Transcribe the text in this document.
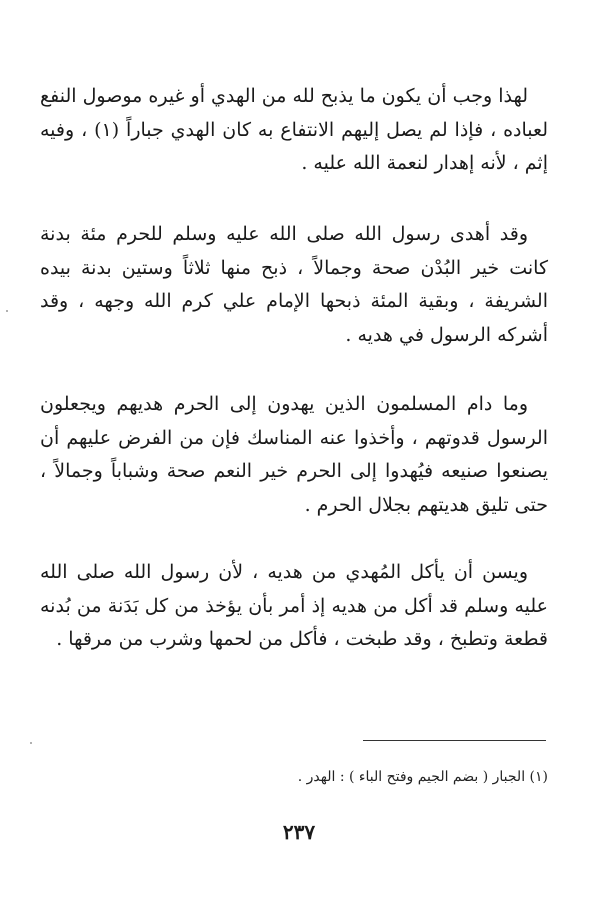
لهذا وجب أن يكون ما يذبح لله من الهدي أو غيره موصول النفع لعباده ، فإذا لم يصل إليهم الانتفاع به كان الهدي جباراً (١) ، وفيه إثم ، لأنه إهدار لنعمة الله عليه .

وقد أهدى رسول الله صلى الله عليه وسلم للحرم مئة بدنة كانت خير البُدْن صحة وجمالاً ، ذبح منها ثلاثاً وستين بدنة بيده الشريفة ، وبقية المئة ذبحها الإمام علي كرم الله وجهه ، وقد أشركه الرسول في هديه .

وما دام المسلمون الذين يهدون إلى الحرم هديهم ويجعلون الرسول قدوتهم ، وأخذوا عنه المناسك فإن من الفرض عليهم أن يصنعوا صنيعه فيُهدوا إلى الحرم خير النعم صحة وشباباً وجمالاً ، حتى تليق هديتهم بجلال الحرم .

ويسن أن يأكل المُهدي من هديه ، لأن رسول الله صلى الله عليه وسلم قد أكل من هديه إذ أمر بأن يؤخذ من كل بَدَنة من بُدنه قطعة وتطبخ ، وقد طبخت ، فأكل من لحمها وشرب من مرقها .

(١) الجبار ( بضم الجيم وفتح الباء ) : الهدر .
٢٣٧
